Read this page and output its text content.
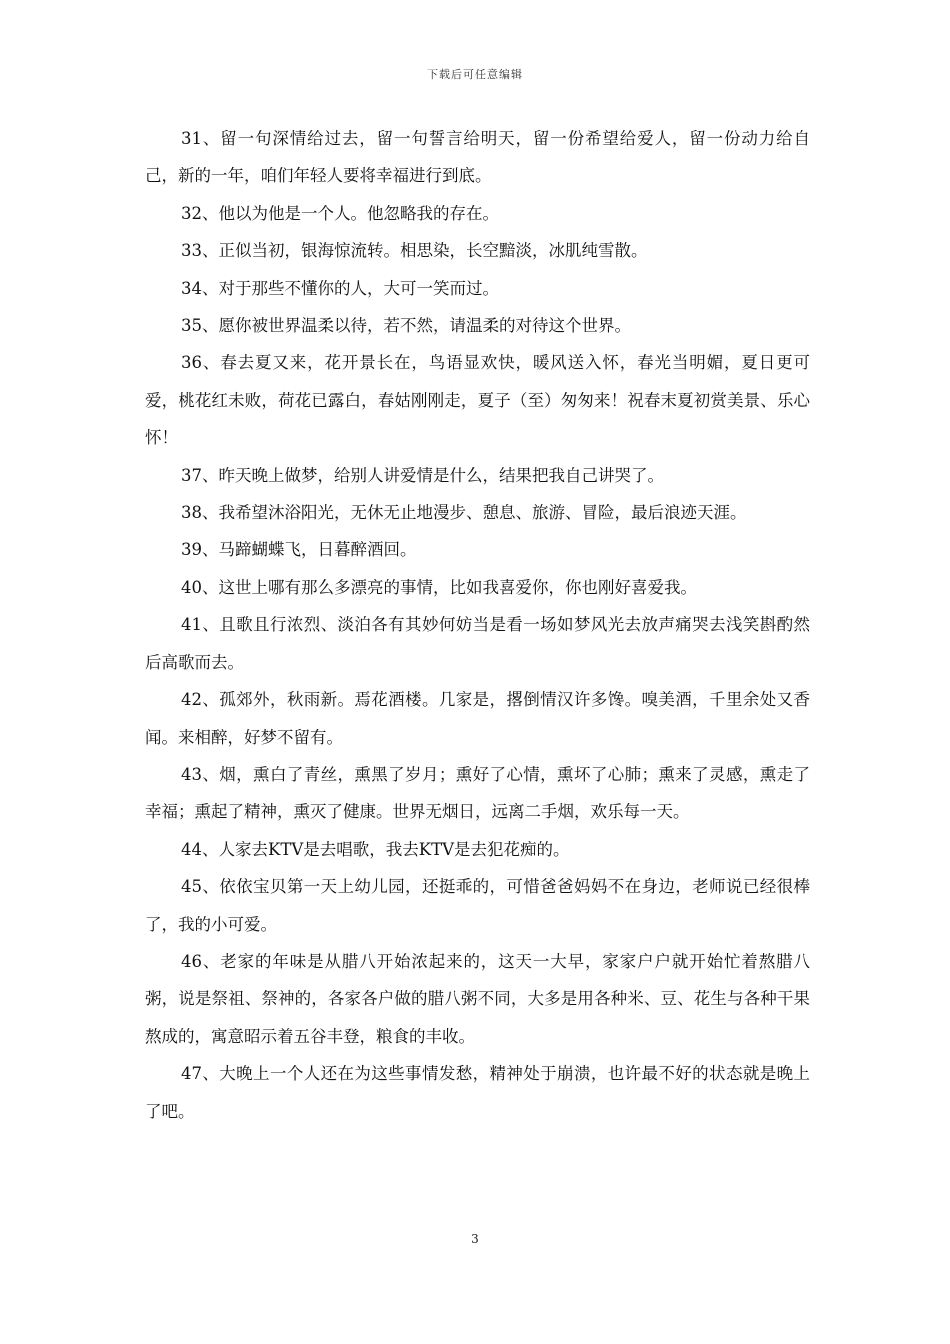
下载后可任意编辑

31、留一句深情给过去，留一句誓言给明天，留一份希望给爱人，留一份动力给自己，新的一年，咱们年轻人要将幸福进行到底。

32、他以为他是一个人。他忽略我的存在。

33、正似当初，银海惊流转。相思染，长空黯淡，冰肌纯雪散。

34、对于那些不懂你的人，大可一笑而过。

35、愿你被世界温柔以待，若不然，请温柔的对待这个世界。

36、春去夏又来，花开景长在，鸟语显欢快，暖风送入怀，春光当明媚，夏日更可爱，桃花红未败，荷花已露白，春姑刚刚走，夏子（至）匆匆来！祝春末夏初赏美景、乐心怀！

37、昨天晚上做梦，给别人讲爱情是什么，结果把我自己讲哭了。

38、我希望沐浴阳光，无休无止地漫步、憩息、旅游、冒险，最后浪迹天涯。

39、马蹄蝴蝶飞，日暮醉酒回。

40、这世上哪有那么多漂亮的事情，比如我喜爱你，你也刚好喜爱我。

41、且歌且行浓烈、淡泊各有其妙何妨当是看一场如梦风光去放声痛哭去浅笑斟酌然后高歌而去。

42、孤郊外，秋雨新。焉花酒楼。几家是，撂倒情汉许多馋。嗅美酒，千里余处又香闻。来相醉，好梦不留有。

43、烟，熏白了青丝，熏黑了岁月；熏好了心情，熏坏了心肺；熏来了灵感，熏走了幸福；熏起了精神，熏灭了健康。世界无烟日，远离二手烟，欢乐每一天。

44、人家去KTV是去唱歌，我去KTV是去犯花痴的。

45、依依宝贝第一天上幼儿园，还挺乖的，可惜爸爸妈妈不在身边，老师说已经很棒了，我的小可爱。

46、老家的年味是从腊八开始浓起来的，这天一大早，家家户户就开始忙着熬腊八粥，说是祭祖、祭神的，各家各户做的腊八粥不同，大多是用各种米、豆、花生与各种干果熬成的，寓意昭示着五谷丰登，粮食的丰收。

47、大晚上一个人还在为这些事情发愁，精神处于崩溃，也许最不好的状态就是晚上了吧。

3
